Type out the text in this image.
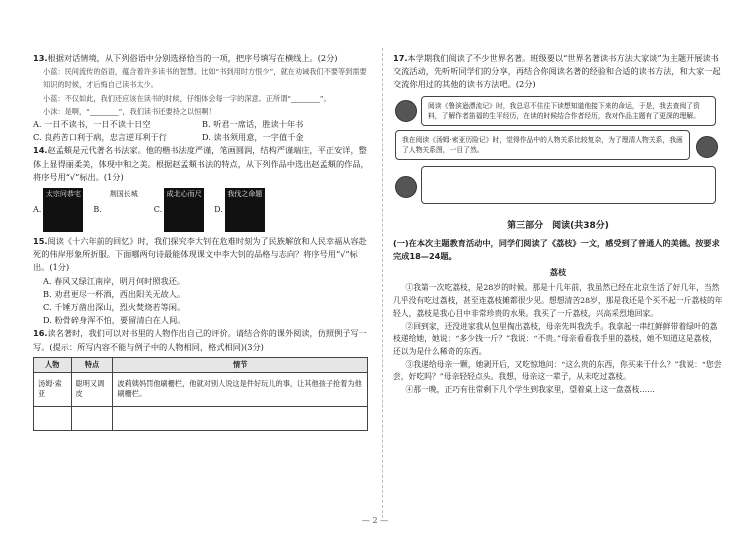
13.根据对话情境，从下列俗语中分别选择恰当的一项，把序号填写在横线上。(2分)

小蓝：民间流传的俗语，蕴含着许多读书的智慧。比如“书到用时方恨少”，就在劝诫我们不要等到需要知识的时候，才后悔自己读书太少。

小蓝：不仅如此，我们还应该在读书的时候，仔细体会每一字的深意。正所谓“________”。

小沫：是啊，“________”，我们读书还要持之以恒啊！

A. 一日不读书，一日不读十日空	B. 听君一席话，胜读十年书
C. 良药苦口利于病，忠言逆耳利于行	D. 读书须用意，一字值千金

14.赵孟頫是元代著名书法家。他的楷书法度严谨，笔画圆润，结构严谨端庄，平正安详，整体上显得丽柔美，体现中和之美。根据赵孟頫书法的特点，从下列作品中选出赵孟頫的作品，将序号用“√”标出。(1分)

A.
太宗问恭宅
B.
荆国长城
C.
成北心而尺
D.
我伐之命题

15.阅读《十六年前的回忆》时，我们探究李大钊在危难时刻为了民族解放和人民幸福从容赴死的伟岸形象所折服。下面哪两句诗最能体现课文中李大钊的品格与志向？将序号用“√”标出。(1分)

A. 春风又绿江南岸，明月何时照我还。

B. 劝君更尽一杯酒，西出阳关无故人。

C. 千锤万凿出深山，烈火焚烧若等闲。

D. 粉骨碎身浑不怕，要留清白在人间。

16.读名著时，我们可以对书里的人物作出自己的评价。请结合你的课外阅读，仿照例子写一写。(提示：所写内容不能与例子中的人物相同，格式相同)(3分)

人物	特点	情节
汤姆·索亚	聪明又调皮	波莉姨妈罚他刷栅栏，他就对别人说这是件好玩儿的事，让其他孩子抢着为他刷栅栏。

17.本学期我们阅读了不少世界名著。班级要以“世界名著读书方法大家谈”为主题开展读书交流活动，先听听同学们的分享，再结合你阅读名著的经验和合适的读书方法，和大家一起交流你用过的其他的读书方法吧。(2分)

阅读《鲁滨逊漂流记》时，我总忍不住往下读想知道他接下来的命运，于是，我去查阅了资料，了解作者笛福的生平经历，在读的时候结合作者经历，我对作品主题有了更深的理解。
我在阅读《汤姆·索亚历险记》时，觉得作品中的人物关系比较复杂，为了理清人物关系，我画了人物关系图，一目了然。
第三部分　阅读(共38分)

(一)在本次主题教育活动中，同学们阅读了《荔枝》一文，感受到了普通人的美德。按要求完成18—24题。

荔枝

①我第一次吃荔枝，是28岁的时候。那是十几年前，我虽然已经在北京生活了好几年，当然几乎没有吃过荔枝，甚至连荔枝摊都很少见。想想清苦28岁，那是我还是个买不起一斤荔枝的年轻人，荔枝是我心目中非常珍贵的水果。我买了一斤荔枝，兴高采烈地回家。

②回到家，还没进家我从包里掏出荔枝，母亲先叫我洗手。我拿起一串红鲜鲜带着绿叶的荔枝递给她，她说：“多少钱一斤？”我说：“不贵。”母亲看看我手里的荔枝，她不知道这是荔枝，还以为是什么稀奇的东西。

③我递给母亲一颗，她剥开后，又吃惊地问：“这么贵的东西，你买来干什么？”我说：“您尝尝，好吃吗？”母亲轻轻点头。我想，母亲这一辈子，从未吃过荔枝。

④那一晚，正巧有往常剩下几个学生到我家里，望着桌上这一盘荔枝……

— 2 —
